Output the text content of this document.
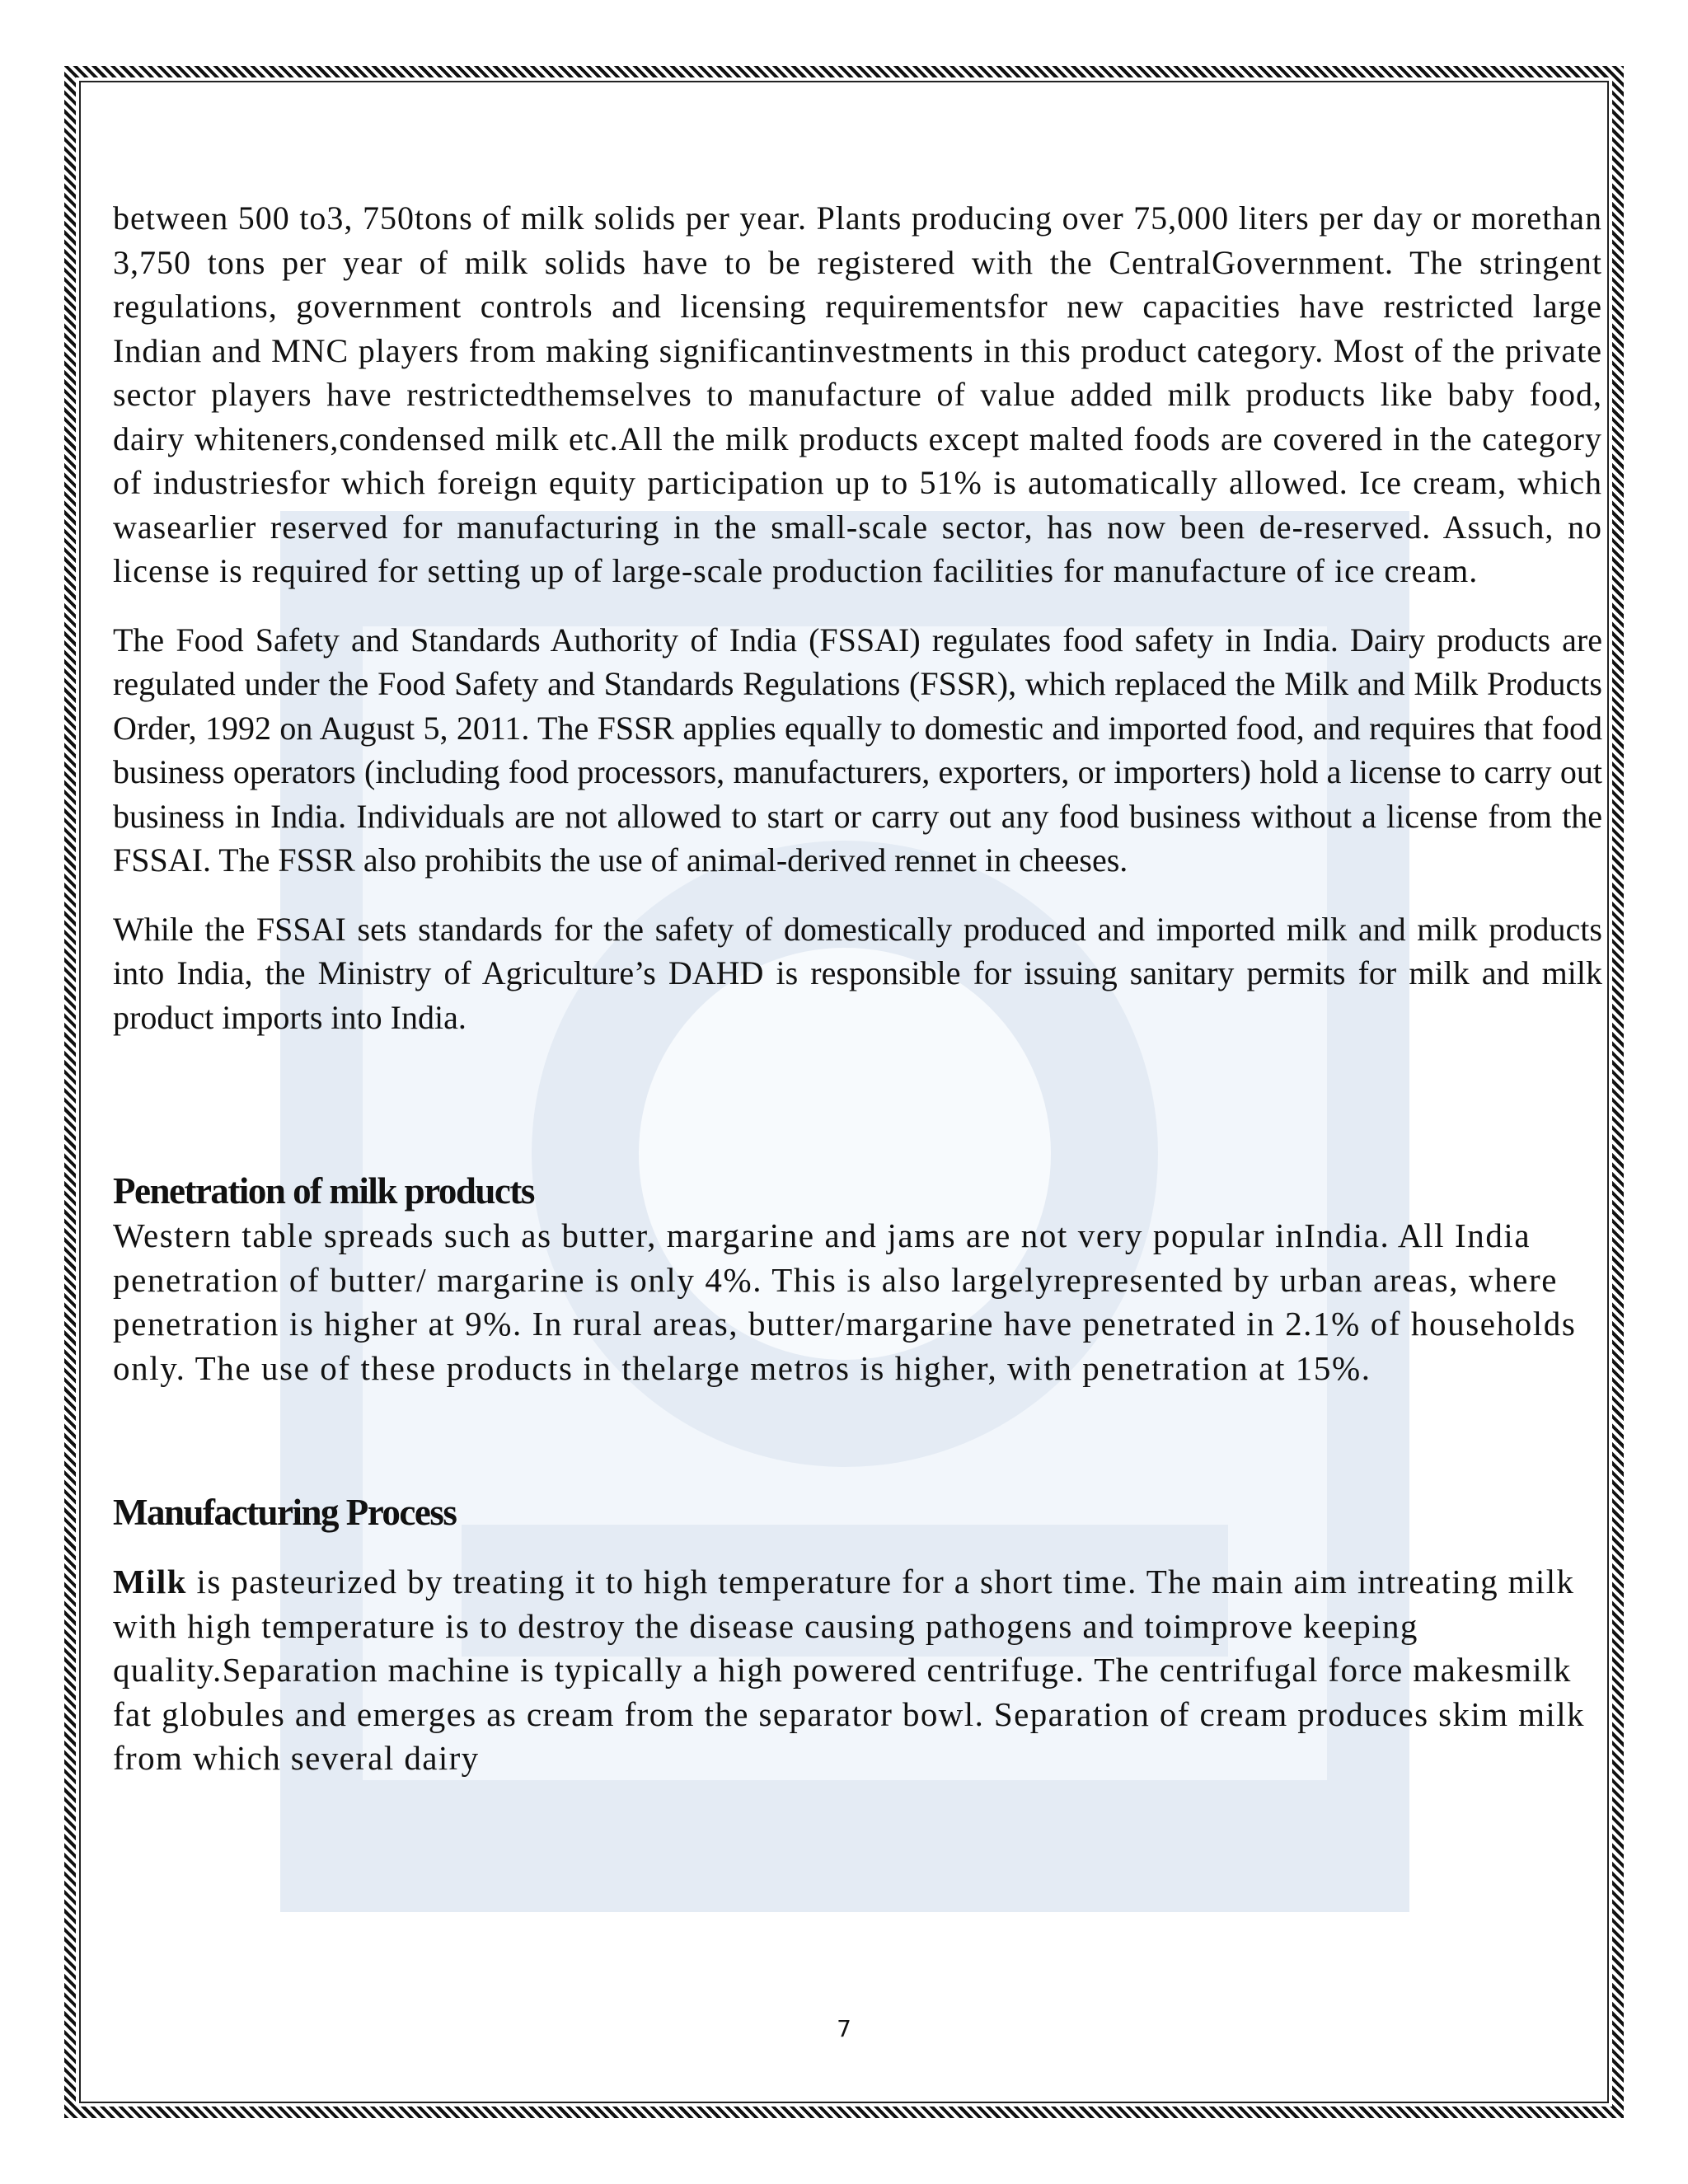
between 500 to3, 750tons of milk solids per year. Plants producing over 75,000 liters per day or morethan 3,750 tons per year of milk solids have to be registered with the CentralGovernment. The stringent regulations, government controls and licensing requirementsfor new capacities have restricted large Indian and MNC players from making significantinvestments in this product category. Most of the private sector players have restrictedthemselves to manufacture of value added milk products like baby food, dairy whiteners,condensed milk etc.All the milk products except malted foods are covered in the category of industriesfor which foreign equity participation up to 51% is automatically allowed. Ice cream, which wasearlier reserved for manufacturing in the small-scale sector, has now been de-reserved. Assuch, no license is required for setting up of large-scale production facilities for manufacture of ice cream.

The Food Safety and Standards Authority of India (FSSAI) regulates food safety in India. Dairy products are regulated under the Food Safety and Standards Regulations (FSSR), which replaced the Milk and Milk Products Order, 1992 on August 5, 2011. The FSSR applies equally to domestic and imported food, and requires that food business operators (including food processors, manufacturers, exporters, or importers) hold a license to carry out business in India. Individuals are not allowed to start or carry out any food business without a license from the FSSAI. The FSSR also prohibits the use of animal-derived rennet in cheeses.

While the FSSAI sets standards for the safety of domestically produced and imported milk and milk products into India, the Ministry of Agriculture’s DAHD is responsible for issuing sanitary permits for milk and milk product imports into India.

Penetration of milk products

Western table spreads such as butter, margarine and jams are not very popular inIndia. All India penetration of butter/ margarine is only 4%. This is also largelyrepresented by urban areas, where penetration is higher at 9%. In rural areas, butter/margarine have penetrated in 2.1% of households only. The use of these products in thelarge metros is higher, with penetration at 15%.

Manufacturing Process

Milk is pasteurized by treating it to high temperature for a short time. The main aim intreating milk with high temperature is to destroy the disease causing pathogens and toimprove keeping quality.Separation machine is typically a high powered centrifuge. The centrifugal force makesmilk fat globules and emerges as cream from the separator bowl. Separation of cream produces skim milk from which several dairy

7
